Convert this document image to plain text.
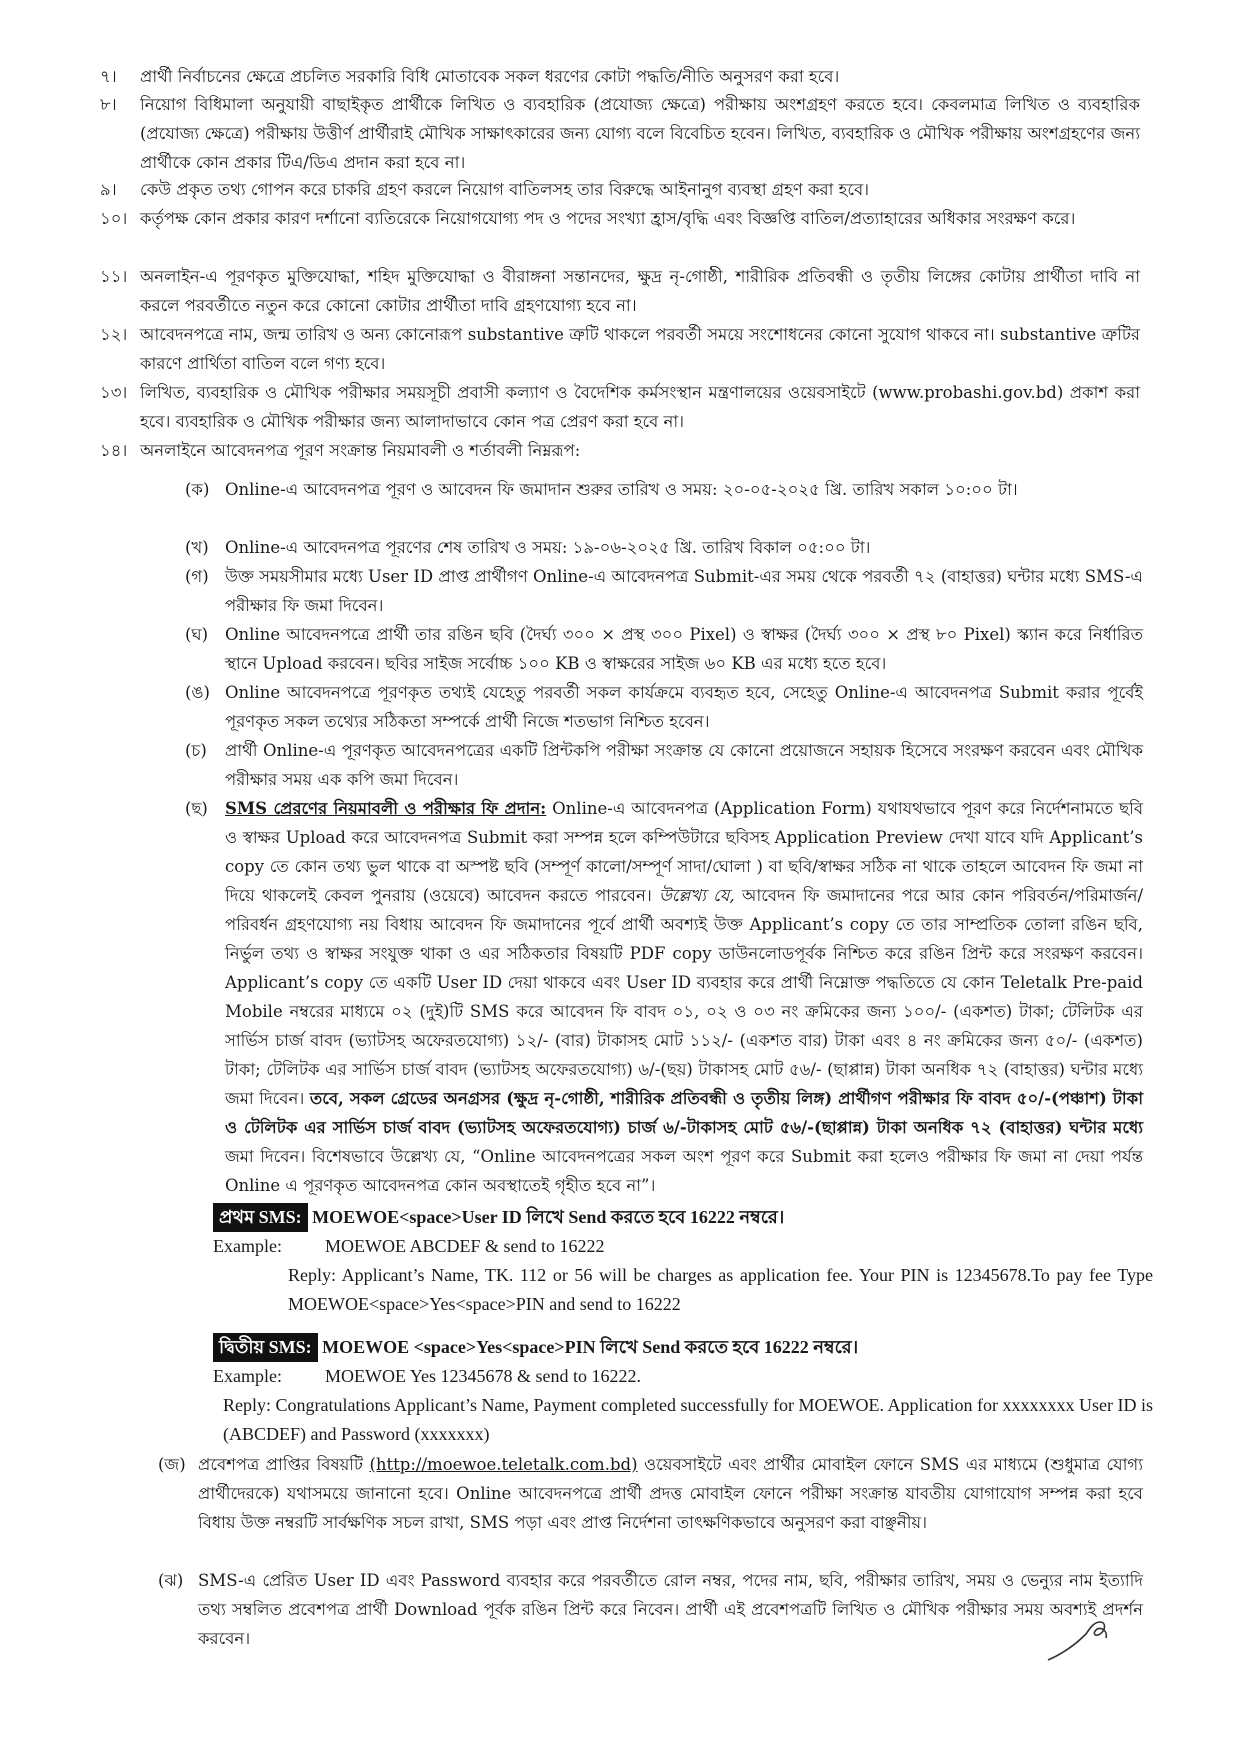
৭।	প্রার্থী নির্বাচনের ক্ষেত্রে প্রচলিত সরকারি বিধি মোতাবেক সকল ধরণের কোটা পদ্ধতি/নীতি অনুসরণ করা হবে।
৮।	নিয়োগ বিধিমালা অনুযায়ী বাছাইকৃত প্রার্থীকে লিখিত ও ব্যবহারিক (প্রযোজ্য ক্ষেত্রে) পরীক্ষায় অংশগ্রহণ করতে হবে। কেবলমাত্র লিখিত ও ব্যবহারিক (প্রযোজ্য ক্ষেত্রে) পরীক্ষায় উত্তীর্ণ প্রার্থীরাই মৌখিক সাক্ষাৎকারের জন্য যোগ্য বলে বিবেচিত হবেন। লিখিত, ব্যবহারিক ও মৌখিক পরীক্ষায় অংশগ্রহণের জন্য প্রার্থীকে কোন প্রকার টিএ/ডিএ প্রদান করা হবে না।
৯।	কেউ প্রকৃত তথ্য গোপন করে চাকরি গ্রহণ করলে নিয়োগ বাতিলসহ তার বিরুদ্ধে আইনানুগ ব্যবস্থা গ্রহণ করা হবে।
১০। কর্তৃপক্ষ কোন প্রকার কারণ দর্শানো ব্যতিরেকে নিয়োগযোগ্য পদ ও পদের সংখ্যা হ্রাস/বৃদ্ধি এবং বিজ্ঞপ্তি বাতিল/প্রত্যাহারের অধিকার সংরক্ষণ করে।
১১। অনলাইন-এ পূরণকৃত মুক্তিযোদ্ধা, শহিদ মুক্তিযোদ্ধা ও বীরাঙ্গনা সন্তানদের, ক্ষুদ্র নৃ-গোষ্ঠী, শারীরিক প্রতিবন্ধী ও তৃতীয় লিঙ্গের কোটায় প্রার্থীতা দাবি না করলে পরবর্তীতে নতুন করে কোনো কোটার প্রার্থীতা দাবি গ্রহণযোগ্য হবে না।
১২। আবেদনপত্রে নাম, জন্ম তারিখ ও অন্য কোনোরূপ substantive ত্রুটি থাকলে পরবর্তী সময়ে সংশোধনের কোনো সুযোগ থাকবে না। substantive ত্রুটির কারণে প্রার্থিতা বাতিল বলে গণ্য হবে।
১৩। লিখিত, ব্যবহারিক ও মৌখিক পরীক্ষার সময়সূচী প্রবাসী কল্যাণ ও বৈদেশিক কর্মসংস্থান মন্ত্রণালয়ের ওয়েবসাইটে (www.probashi.gov.bd) প্রকাশ করা হবে। ব্যবহারিক ও মৌখিক পরীক্ষার জন্য আলাদাভাবে কোন পত্র প্রেরণ করা হবে না।
১৪। অনলাইনে আবেদনপত্র পূরণ সংক্রান্ত নিয়মাবলী ও শর্তাবলী নিম্নরূপ:
(ক) Online-এ আবেদনপত্র পূরণ ও আবেদন ফি জমাদান শুরুর তারিখ ও সময়: ২০-০৫-২০২৫ খ্রি. তারিখ সকাল ১০:০০ টা।
(খ) Online-এ আবেদনপত্র পূরণের শেষ তারিখ ও সময়: ১৯-০৬-২০২৫ খ্রি. তারিখ বিকাল ০৫:০০ টা।
(গ) উক্ত সময়সীমার মধ্যে User ID প্রাপ্ত প্রার্থীগণ Online-এ আবেদনপত্র Submit-এর সময় থেকে পরবর্তী ৭২ (বাহাত্তর) ঘন্টার মধ্যে SMS-এ পরীক্ষার ফি জমা দিবেন।
(ঘ)	Online আবেদনপত্রে প্রার্থী তার রঙিন ছবি (দৈর্ঘ্য ৩০০ × প্রস্থ ৩০০ Pixel) ও স্বাক্ষর (দৈর্ঘ্য ৩০০ × প্রস্থ ৮০ Pixel) স্ক্যান করে নির্ধারিত স্থানে Upload করবেন। ছবির সাইজ সর্বোচ্চ ১০০ KB ও স্বাক্ষরের সাইজ ৬০ KB এর মধ্যে হতে হবে।
(ঙ) Online আবেদনপত্রে পূরণকৃত তথ্যই যেহেতু পরবর্তী সকল কার্যক্রমে ব্যবহৃত হবে, সেহেতু Online-এ আবেদনপত্র Submit করার পূর্বেই পূরণকৃত সকল তথ্যের সঠিকতা সম্পর্কে প্রার্থী নিজে শতভাগ নিশ্চিত হবেন।
(চ)	প্রার্থী Online-এ পূরণকৃত আবেদনপত্রের একটি প্রিন্টকপি পরীক্ষা সংক্রান্ত যে কোনো প্রয়োজনে সহায়ক হিসেবে সংরক্ষণ করবেন এবং মৌখিক পরীক্ষার সময় এক কপি জমা দিবেন।
(ছ)	SMS প্রেরণের নিয়মাবলী ও পরীক্ষার ফি প্রদান: Online-এ আবেদনপত্র (Application Form) যথাযথভাবে পূরণ করে নির্দেশনামতে ছবি ও স্বাক্ষর Upload করে আবেদনপত্র Submit করা সম্পন্ন হলে কম্পিউটারে ছবিসহ Application Preview দেখা যাবে যদি Applicant’s copy তে কোন তথ্য ভুল থাকে বা অস্পষ্ট ছবি (সম্পূর্ণ কালো/সম্পূর্ণ সাদা/ঘোলা ) বা ছবি/স্বাক্ষর সঠিক না থাকে তাহলে আবেদন ফি জমা না দিয়ে থাকলেই কেবল পুনরায় (ওয়েবে) আবেদন করতে পারবেন। উল্লেখ্য যে, আবেদন ফি জমাদানের পরে আর কোন পরিবর্তন/পরিমার্জন/পরিবর্ধন গ্রহণযোগ্য নয় বিধায় আবেদন ফি জমাদানের পূর্বে প্রার্থী অবশ্যই উক্ত Applicant’s copy তে তার সাম্প্রতিক তোলা রঙিন ছবি, নির্ভুল তথ্য ও স্বাক্ষর সংযুক্ত থাকা ও এর সঠিকতার বিষয়টি PDF copy ডাউনলোডপূর্বক নিশ্চিত করে রঙিন প্রিন্ট করে সংরক্ষণ করবেন। Applicant’s copy তে একটি User ID দেয়া থাকবে এবং User ID ব্যবহার করে প্রার্থী নিম্নোক্ত পদ্ধতিতে যে কোন Teletalk Pre-paid Mobile নম্বরের মাধ্যমে ০২ (দুই)টি SMS করে আবেদন ফি বাবদ ০১, ০২ ও ০৩ নং ক্রমিকের জন্য ১০০/- (একশত) টাকা; টেলিটক এর সার্ভিস চার্জ বাবদ (ভ্যাটসহ অফেরতযোগ্য) ১২/- (বার) টাকাসহ মোট ১১২/- (একশত বার) টাকা এবং ৪ নং ক্রমিকের জন্য ৫০/- (একশত) টাকা; টেলিটক এর সার্ভিস চার্জ বাবদ (ভ্যাটসহ অফেরতযোগ্য) ৬/-(ছয়) টাকাসহ মোট ৫৬/- (ছাপ্পান্ন) টাকা অনধিক ৭২ (বাহাত্তর) ঘন্টার মধ্যে জমা দিবেন। তবে, সকল গ্রেডের অনগ্রসর (ক্ষুদ্র নৃ-গোষ্ঠী, শারীরিক প্রতিবন্ধী ও তৃতীয় লিঙ্গ) প্রার্থীগণ পরীক্ষার ফি বাবদ ৫০/-(পঞ্চাশ) টাকা ও টেলিটক এর সার্ভিস চার্জ বাবদ (ভ্যাটসহ অফেরতযোগ্য) চার্জ ৬/-টাকাসহ মোট ৫৬/-(ছাপ্পান্ন) টাকা অনধিক ৭২ (বাহাত্তর) ঘন্টার মধ্যে জমা দিবেন। বিশেষভাবে উল্লেখ্য যে, “Online আবেদনপত্রের সকল অংশ পূরণ করে Submit করা হলেও পরীক্ষার ফি জমা না দেয়া পর্যন্ত Online এ পূরণকৃত আবেদনপত্র কোন অবস্থাতেই গৃহীত হবে না”।
প্রথম SMS: MOEWOE<space>User ID লিখে Send করতে হবে 16222 নম্বরে।
Example:	MOEWOE ABCDEF & send to 16222
Reply: Applicant’s Name, TK. 112 or 56 will be charges as application fee. Your PIN is 12345678.To pay fee Type MOEWOE<space>Yes<space>PIN and send to 16222
দ্বিতীয় SMS: MOEWOE <space>Yes<space>PIN লিখে Send করতে হবে 16222 নম্বরে।
Example:	MOEWOE Yes 12345678 & send to 16222.
Reply: Congratulations Applicant’s Name, Payment completed successfully for MOEWOE. Application for xxxxxxxx User ID is (ABCDEF) and Password (xxxxxxx)
(জ) প্রবেশপত্র প্রাপ্তির বিষয়টি (http://moewoe.teletalk.com.bd) ওয়েবসাইটে এবং প্রার্থীর মোবাইল ফোনে SMS এর মাধ্যমে (শুধুমাত্র যোগ্য প্রার্থীদেরকে) যথাসময়ে জানানো হবে। Online আবেদনপত্রে প্রার্থী প্রদত্ত মোবাইল ফোনে পরীক্ষা সংক্রান্ত যাবতীয় যোগাযোগ সম্পন্ন করা হবে বিধায় উক্ত নম্বরটি সার্বক্ষণিক সচল রাখা, SMS পড়া এবং প্রাপ্ত নির্দেশনা তাৎক্ষণিকভাবে অনুসরণ করা বাঞ্ছনীয়।
(ঝ) SMS-এ প্রেরিত User ID এবং Password ব্যবহার করে পরবর্তীতে রোল নম্বর, পদের নাম, ছবি, পরীক্ষার তারিখ, সময় ও ভেন্যুর নাম ইত্যাদি তথ্য সম্বলিত প্রবেশপত্র প্রার্থী Download পূর্বক রঙিন প্রিন্ট করে নিবেন। প্রার্থী এই প্রবেশপত্রটি লিখিত ও মৌখিক পরীক্ষার সময় অবশ্যই প্রদর্শন করবেন।
